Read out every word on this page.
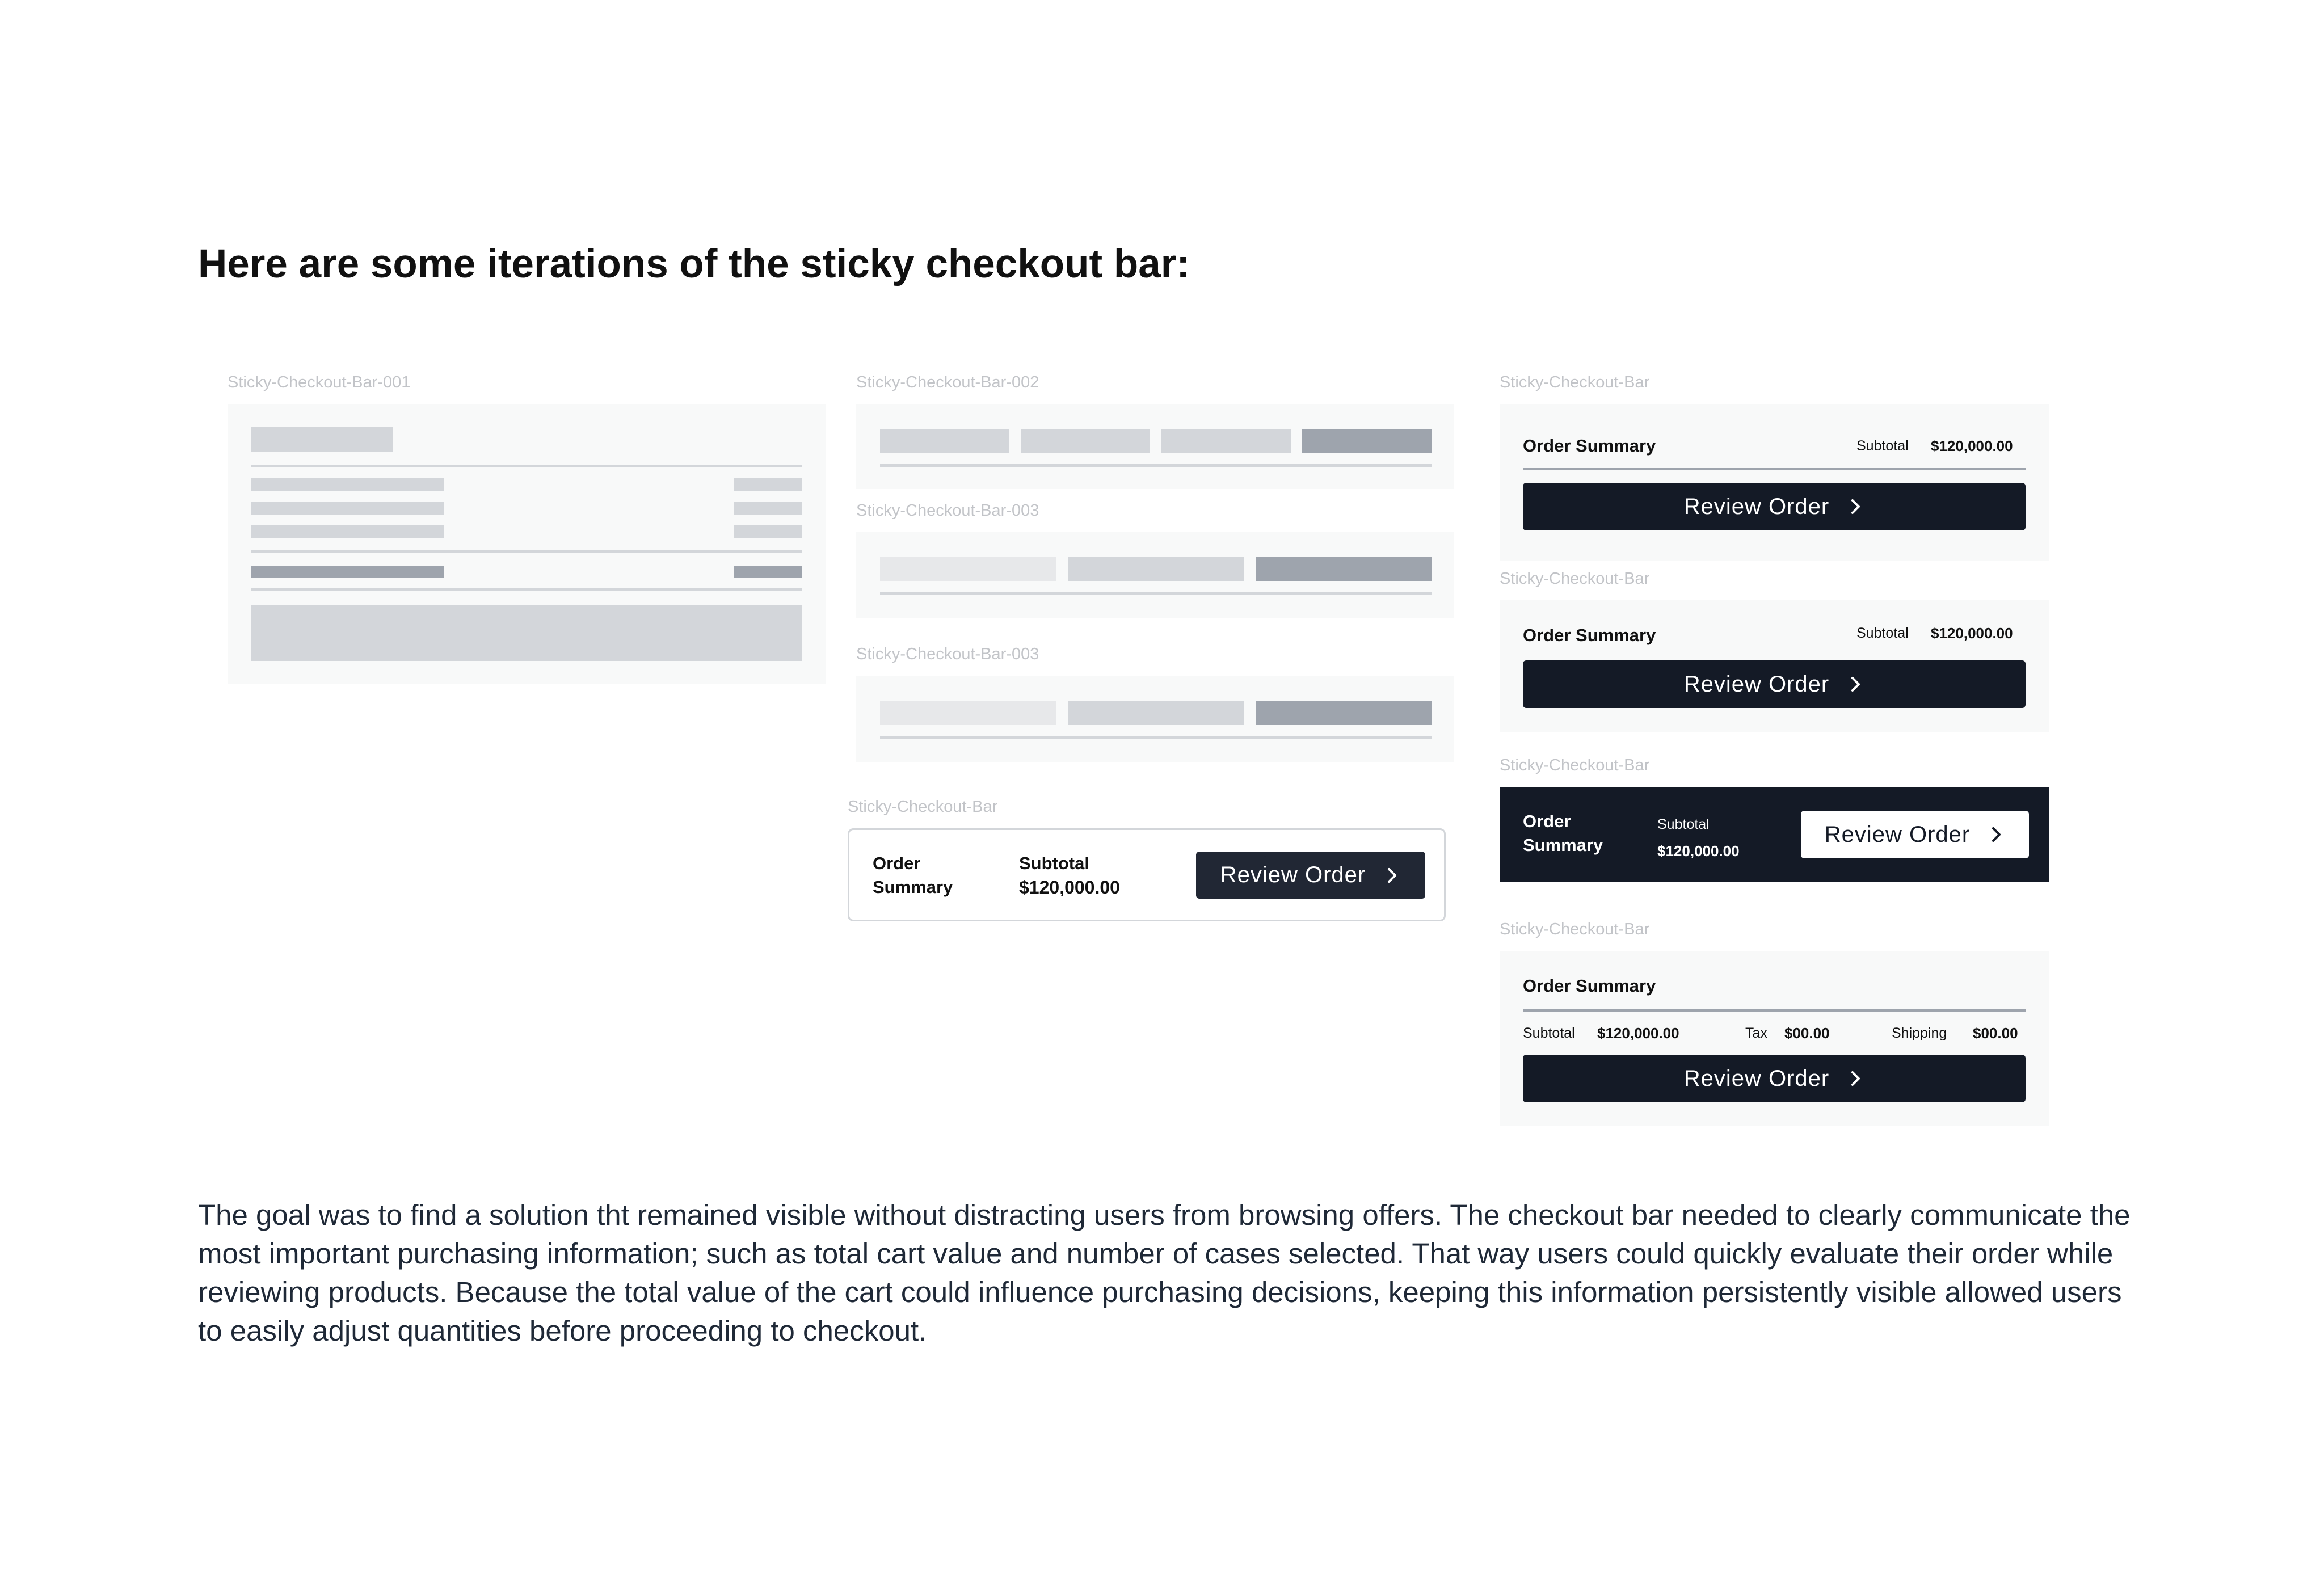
Here are some iterations of the sticky checkout bar:
Sticky-Checkout-Bar-001	Sticky-Checkout-Bar-002
Sticky-Checkout-Bar-003
Sticky-Checkout-Bar-003
Sticky-Checkout-Bar
Order
Summary
Subtotal
$120,000.00	Review Order
Sticky-Checkout-Bar
Order Summary	Subtotal $120,000.00
Review Order
Sticky-Checkout-Bar
Order Summary	Subtotal $120,000.00
Review Order
Sticky-Checkout-Bar
Order
Summary
Subtotal
$120,000.00
Review Order
Sticky-Checkout-Bar
Order Summary
Subtotal $120,000.00	Tax $00.00	Shipping $00.00
Review Order
The goal was to find a solution tht remained visible without distracting users from browsing offers. The checkout bar needed to clearly communicate the most important purchasing information; such as total cart value and number of cases selected. That way users could quickly evaluate their order while reviewing products. Because the total value of the cart could influence purchasing decisions, keeping this information persistently visible allowed users to easily adjust quantities before proceeding to checkout.
